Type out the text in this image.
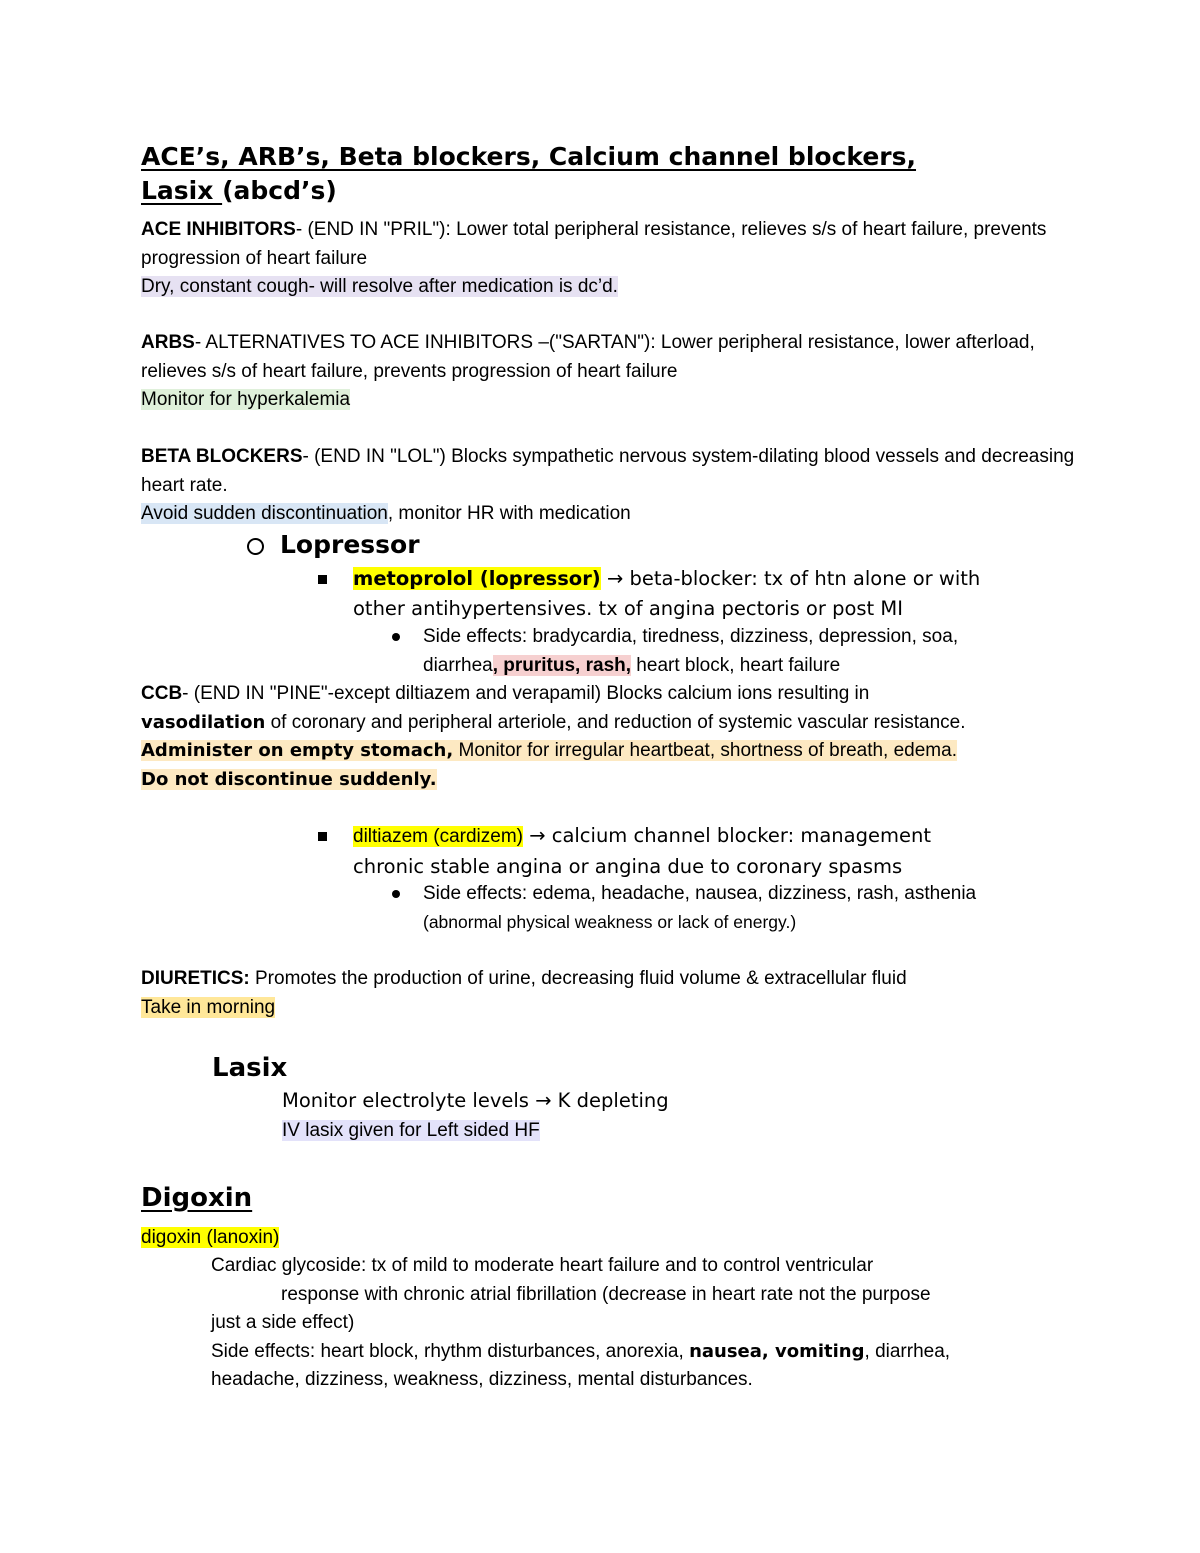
ACE’s, ARB’s, Beta blockers, Calcium channel blockers,
Lasix (abcd’s)
ACE INHIBITORS- (END IN "PRIL"): Lower total peripheral resistance, relieves s/s of heart failure, prevents progression of heart failure
Dry, constant cough- will resolve after medication is dc’d.
ARBS- ALTERNATIVES TO ACE INHIBITORS –("SARTAN"): Lower peripheral resistance, lower afterload, relieves s/s of heart failure, prevents progression of heart failure
Monitor for hyperkalemia
BETA BLOCKERS- (END IN "LOL") Blocks sympathetic nervous system-dilating blood vessels and decreasing heart rate.
Avoid sudden discontinuation, monitor HR with medication
Lopressor
metoprolol (lopressor) → beta-blocker: tx of htn alone or with
other antihypertensives. tx of angina pectoris or post MI
Side effects: bradycardia, tiredness, dizziness, depression, soa,
diarrhea, pruritus, rash, heart block, heart failure
CCB- (END IN "PINE"-except diltiazem and verapamil) Blocks calcium ions resulting in
vasodilation of coronary and peripheral arteriole, and reduction of systemic vascular resistance.
Administer on empty stomach, Monitor for irregular heartbeat, shortness of breath, edema.
Do not discontinue suddenly.
diltiazem (cardizem) → calcium channel blocker: management
chronic stable angina or angina due to coronary spasms
Side effects: edema, headache, nausea, dizziness, rash, asthenia
(abnormal physical weakness or lack of energy.)
DIURETICS: Promotes the production of urine, decreasing fluid volume & extracellular fluid
Take in morning
Lasix
Monitor electrolyte levels → K depleting
IV lasix given for Left sided HF
Digoxin
digoxin (lanoxin)
Cardiac glycoside: tx of mild to moderate heart failure and to control ventricular
response with chronic atrial fibrillation (decrease in heart rate not the purpose
just a side effect)
Side effects: heart block, rhythm disturbances, anorexia, nausea, vomiting, diarrhea,
headache, dizziness, weakness, dizziness, mental disturbances.
